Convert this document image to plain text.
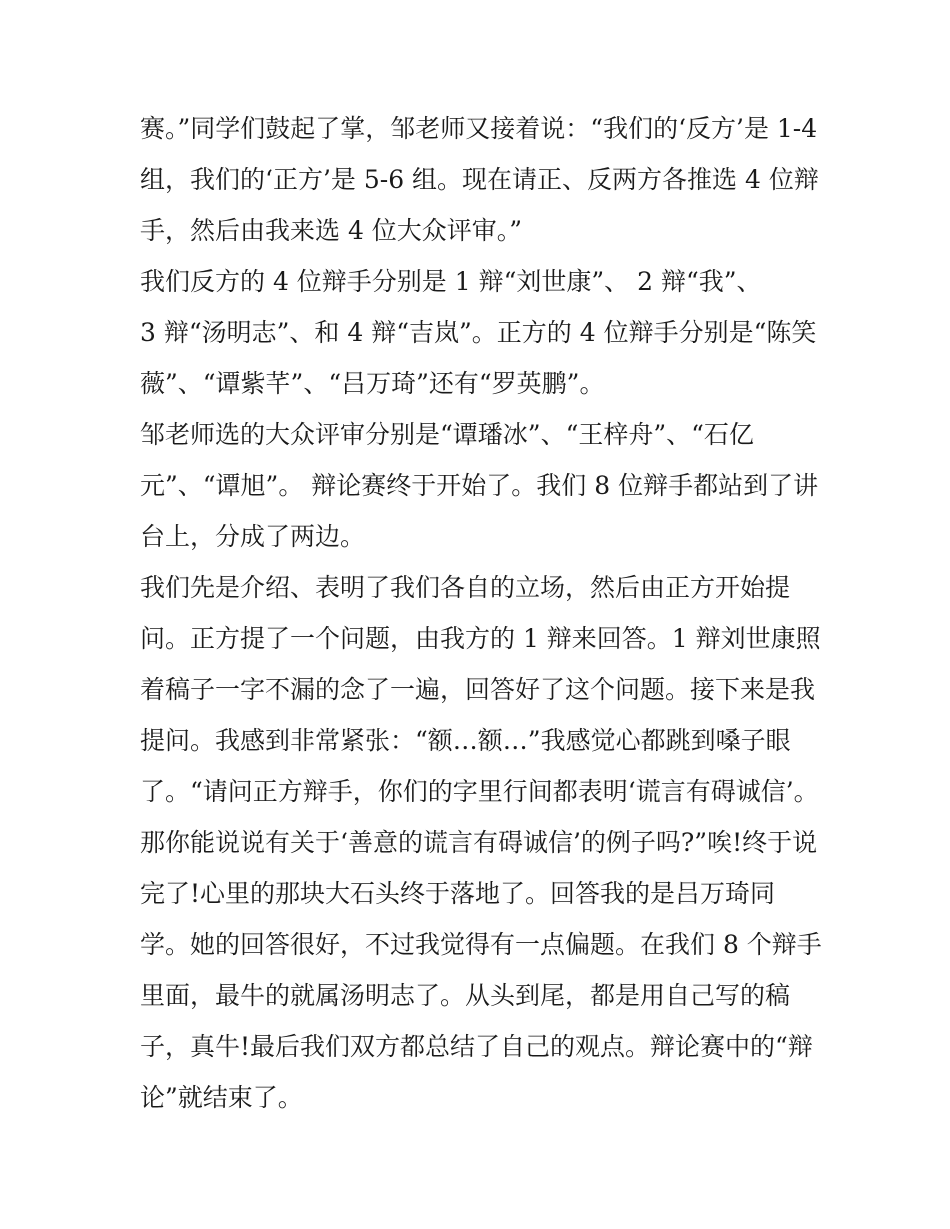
赛。”同学们鼓起了掌，邹老师又接着说：“我们的‘反方’是 1-4
组，我们的‘正方’是 5-6 组。现在请正、反两方各推选 4 位辩
手，然后由我来选 4 位大众评审。”
我们反方的 4 位辩手分别是 1 辩“刘世康”、 2 辩“我”、
3 辩“汤明志”、和 4 辩“吉岚”。正方的 4 位辩手分别是“陈笑
薇”、“谭紫芊”、“吕万琦”还有“罗英鹏”。
邹老师选的大众评审分别是“谭璠冰”、“王梓舟”、“石亿
元”、“谭旭”。 辩论赛终于开始了。我们 8 位辩手都站到了讲
台上，分成了两边。
我们先是介绍、表明了我们各自的立场，然后由正方开始提
问。正方提了一个问题，由我方的 1 辩来回答。1 辩刘世康照
着稿子一字不漏的念了一遍，回答好了这个问题。接下来是我
提问。我感到非常紧张：“额…额…”我感觉心都跳到嗓子眼
了。“请问正方辩手，你们的字里行间都表明‘谎言有碍诚信’。
那你能说说有关于‘善意的谎言有碍诚信’的例子吗?”唉!终于说
完了!心里的那块大石头终于落地了。回答我的是吕万琦同
学。她的回答很好，不过我觉得有一点偏题。在我们 8 个辩手
里面，最牛的就属汤明志了。从头到尾，都是用自己写的稿
子，真牛!最后我们双方都总结了自己的观点。辩论赛中的“辩
论”就结束了。
